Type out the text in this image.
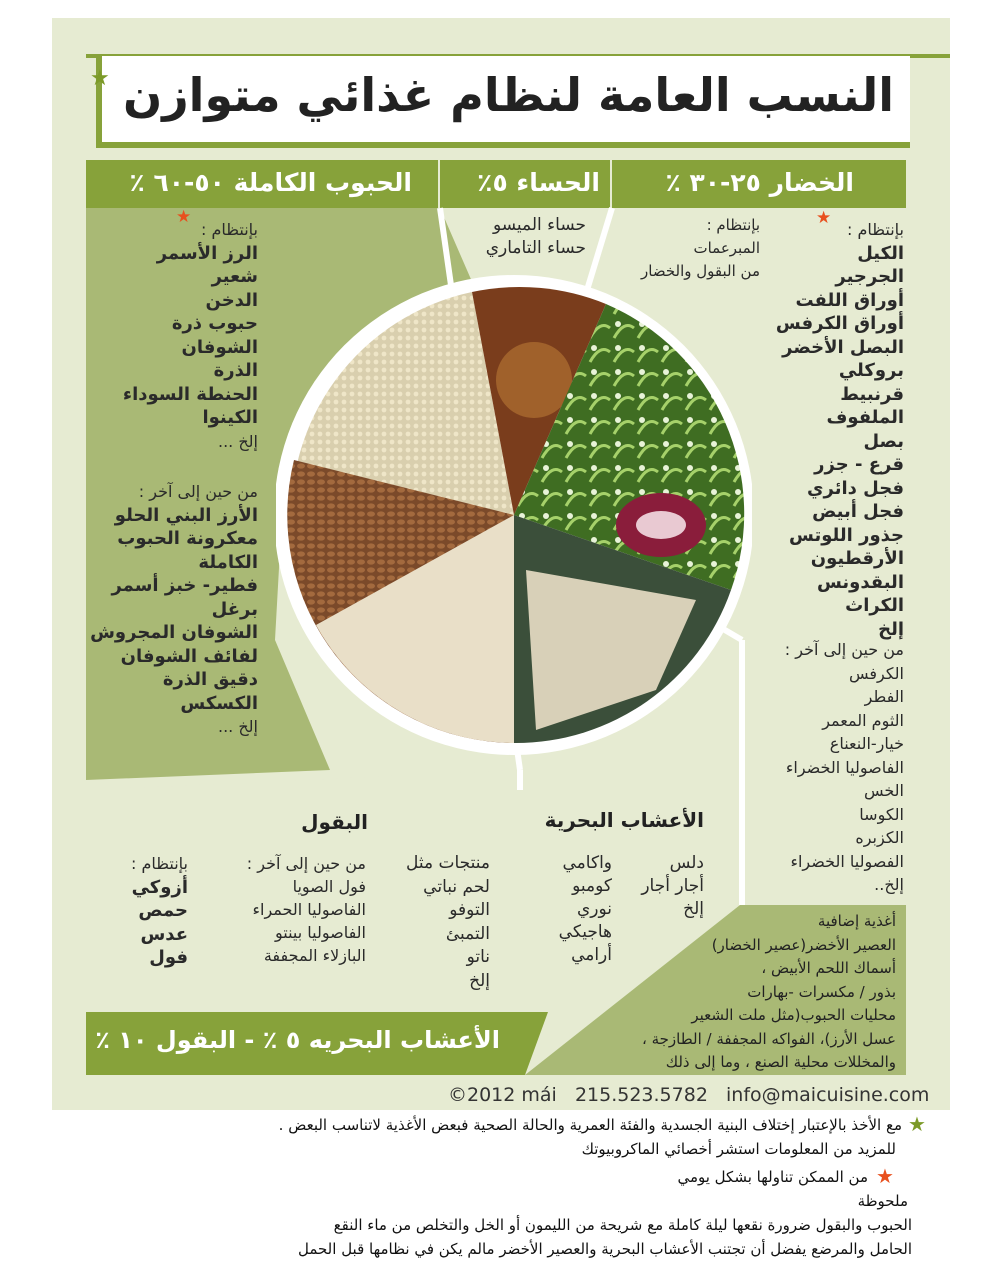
النسب العامة لنظام غذائي متوازن
★
الخضار ٢٥-٣٠ ٪
الحساء ٥٪
الحبوب الكاملة ٥٠-٦٠ ٪
حساء الميسو
حساء التاماري
بإنتظام :
المبرعمات
من البقول والخضار
★
بإنتظام :
الكيل
الجرجير
أوراق اللفت
أوراق الكرفس
البصل الأخضر
بروكلي
قرنبيط
الملفوف
بصل
قرع - جزر
فجل دائري
فجل أبيض
جذور اللوتس
الأرقطيون
البقدونس
الكراث
إلخ
من حين إلى آخر :
الكرفس
الفطر
الثوم المعمر
خيار-النعناع
الفاصوليا الخضراء
الخس
الكوسا
الكزبره
الفصوليا الخضراء
إلخ..
★
بإنتظام :
الرز الأسمر
شعير
الدخن
حبوب ذرة
الشوفان
الذرة
الحنطة السوداء
الكينوا
إلخ ...
من حين إلى آخر :
الأرز البني الحلو
معكرونة الحبوب
الكاملة
فطير- خبز أسمر
برغل
الشوفان المجروش
لفائف الشوفان
دقيق الذرة
الكسكس
إلخ ...
الأعشاب البحرية
دلس
أجار أجار
إلخ
واكامي
كومبو
نوري
هاجيكي
أرامي
البقول
منتجات مثل
لحم نباتي
التوفو
التمبئ
ناتو
إلخ
من حين إلى آخر :
فول الصويا
الفاصوليا الحمراء
الفاصوليا بينتو
البازلاء المجففة
بإنتظام :
أزوكي
حمص
عدس
فول
أغذية إضافية
العصير الأخضر(عصير الخضار)
أسماك اللحم الأبيض ،
بذور / مكسرات -بهارات
محليات الحبوب(مثل ملت الشعير
عسل الأرز)، الفواكه المجففة / الطازجة ،
والمخللات محلية الصنع ، وما إلى ذلك
الأعشاب البحريه ٥ ٪ - البقول ١٠ ٪
©2012 mái   215.523.5782   info@maicuisine.com
★
مع الأخذ بالإعتبار إختلاف البنية الجسدية والفئة العمرية والحالة الصحية فبعض الأغذية لاتناسب البعض .
للمزيد من المعلومات استشر أخصائي الماكروبيوتك
★
من الممكن تناولها بشكل يومي
ملحوظة
الحبوب والبقول ضرورة نقعها ليلة كاملة مع شريحة من الليمون أو الخل والتخلص من ماء النقع
الحامل والمرضع يفضل أن تجتنب الأعشاب البحرية والعصير الأخضر مالم يكن في نظامها قبل الحمل
